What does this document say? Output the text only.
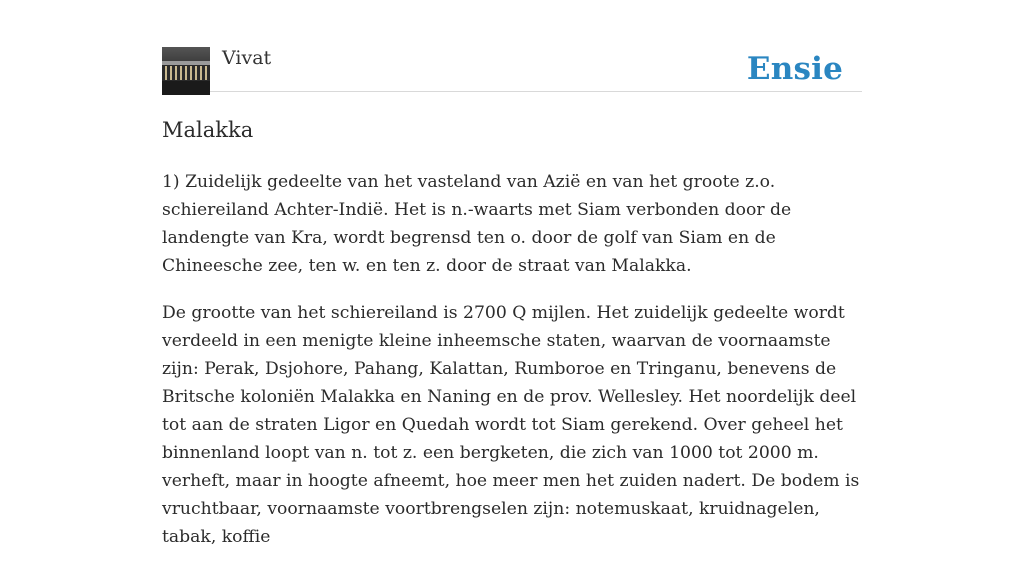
Vivat	Ensie
Malakka

1) Zuidelijk gedeelte van het vasteland van Azië en van het groote z.o. schiereiland Achter-Indië. Het is n.-waarts met Siam verbonden door de landengte van Kra, wordt begrensd ten o. door de golf van Siam en de Chineesche zee, ten w. en ten z. door de straat van Malakka.

De grootte van het schiereiland is 2700 Q mijlen. Het zuidelijk gedeelte wordt verdeeld in een menigte kleine inheemsche staten, waarvan de voornaamste zijn: Perak, Dsjohore, Pahang, Kalattan, Rumboroe en Tringanu, benevens de Britsche koloniën Malakka en Naning en de prov. Wellesley. Het noordelijk deel tot aan de straten Ligor en Quedah wordt tot Siam gerekend. Over geheel het binnenland loopt van n. tot z. een bergketen, die zich van 1000 tot 2000 m. verheft, maar in hoogte afneemt, hoe meer men het zuiden nadert. De bodem is vruchtbaar, voornaamste voortbrengselen zijn: notemuskaat, kruidnagelen, tabak, koffie
